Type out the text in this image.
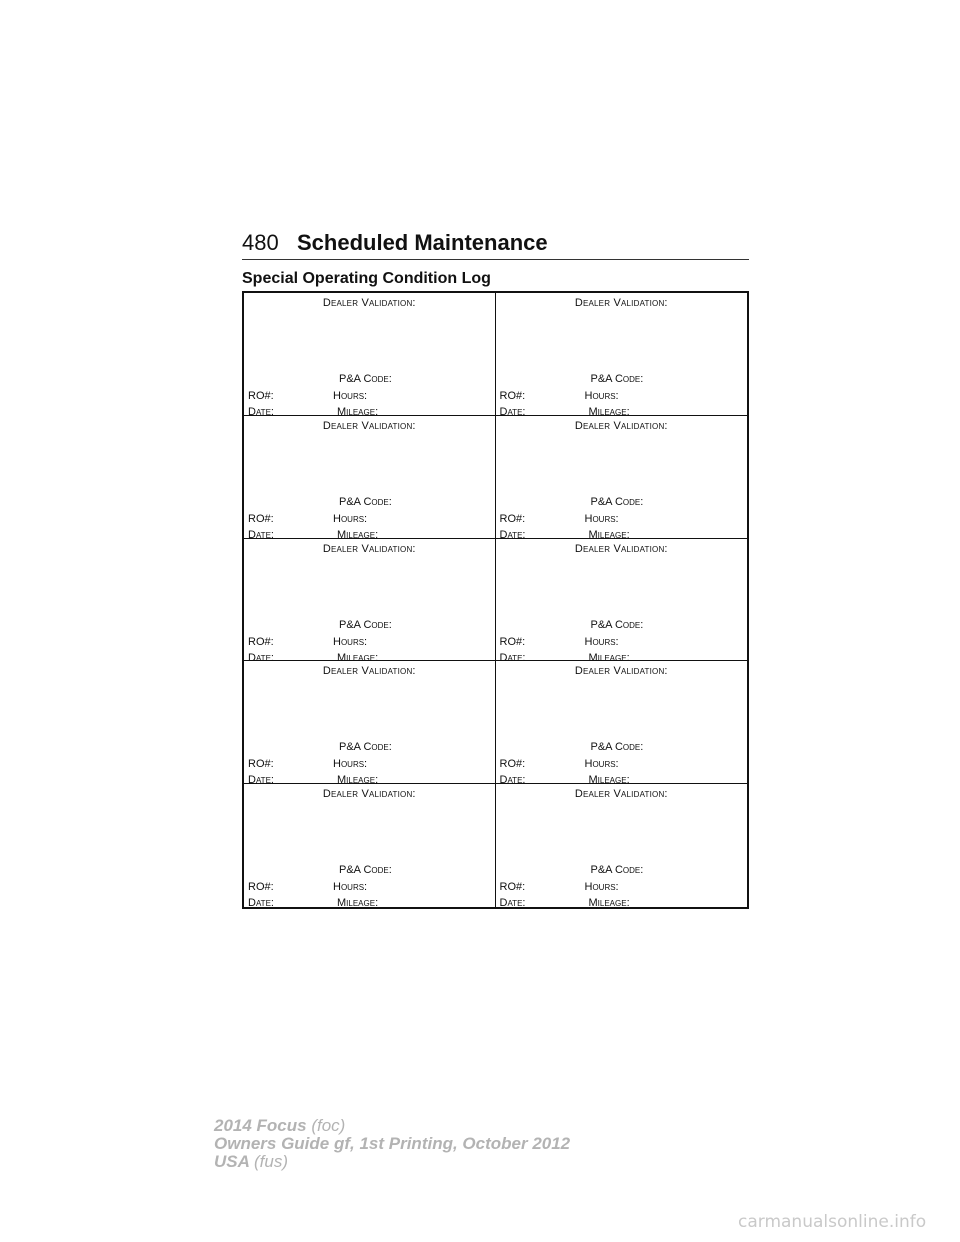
480 Scheduled Maintenance
Special Operating Condition Log
Dealer Validation:
P&A Code:
RO#:	Hours:
Date:	Mileage:
Dealer Validation:
P&A Code:
RO#:	Hours:
Date:	Mileage:
Dealer Validation:
P&A Code:
RO#:	Hours:
Date:	Mileage:
Dealer Validation:
P&A Code:
RO#:	Hours:
Date:	Mileage:
Dealer Validation:
P&A Code:
RO#:	Hours:
Date:	Mileage:
Dealer Validation:
P&A Code:
RO#:	Hours:
Date:	Mileage:
Dealer Validation:
P&A Code:
RO#:	Hours:
Date:	Mileage:
Dealer Validation:
P&A Code:
RO#:	Hours:
Date:	Mileage:
Dealer Validation:
P&A Code:
RO#:	Hours:
Date:	Mileage:
Dealer Validation:
P&A Code:
RO#:	Hours:
Date:	Mileage:
2014 Focus (foc)
Owners Guide gf, 1st Printing, October 2012
USA (fus)
carmanualsonline.info
